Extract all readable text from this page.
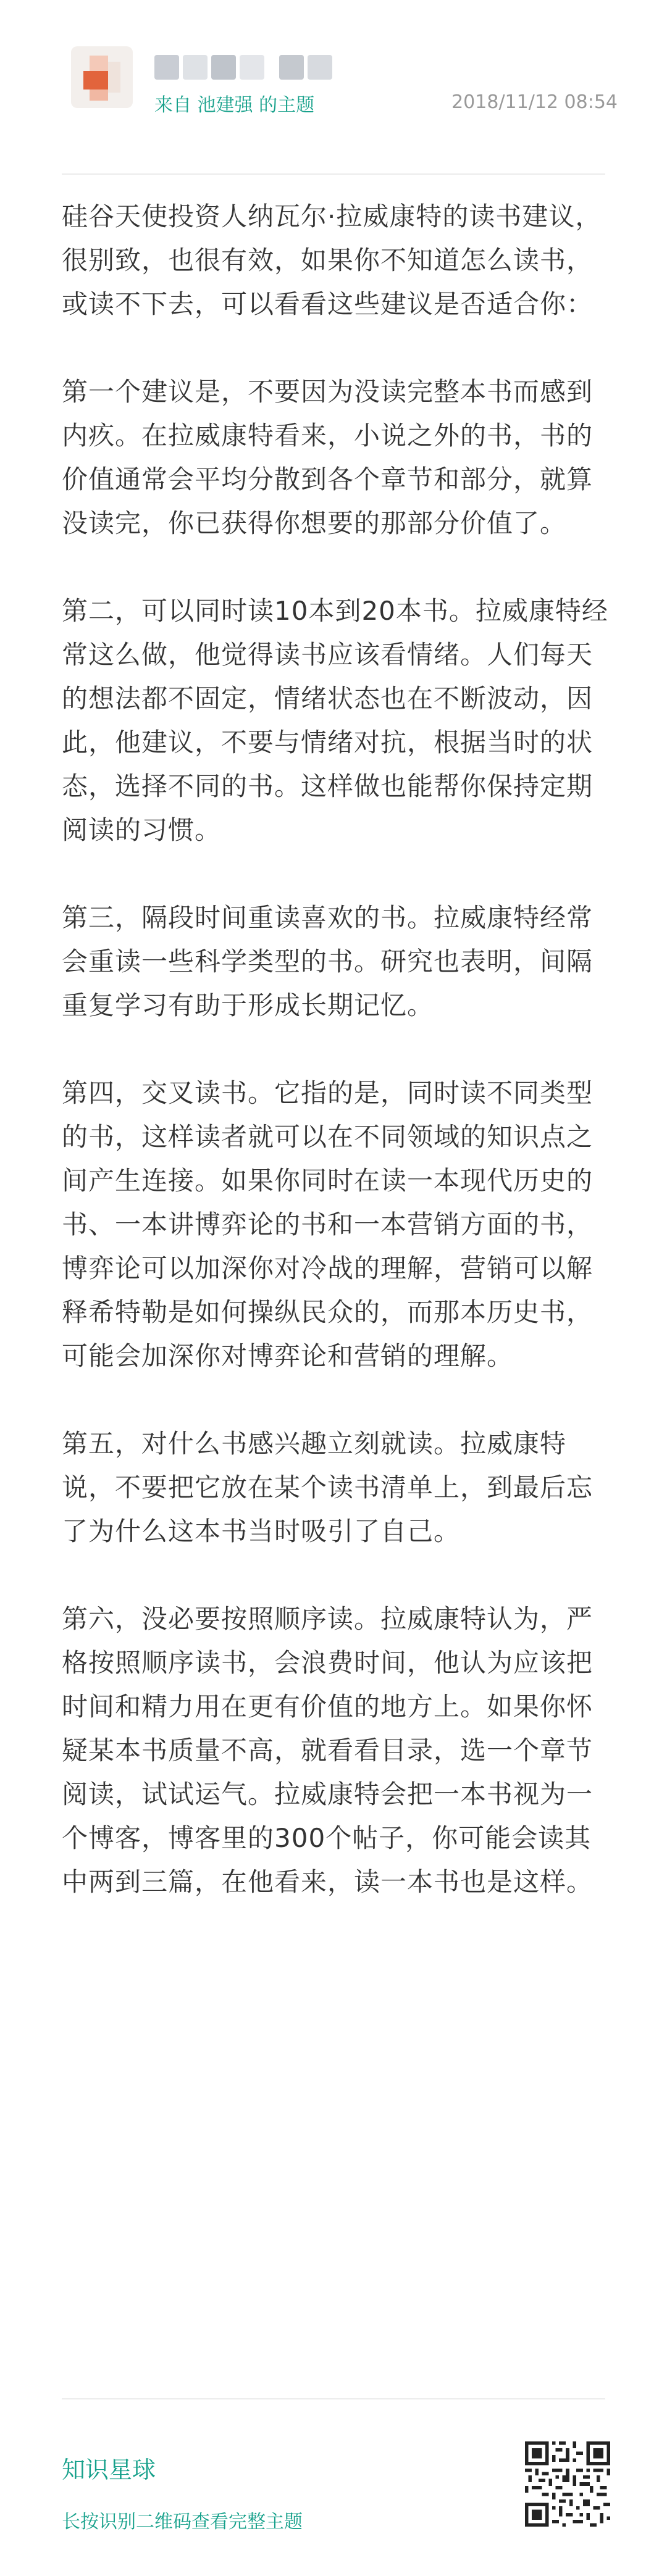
来自 池建强 的主题	2018/11/12 08:54

硅谷天使投资人纳瓦尔·拉威康特的读书建议，很别致，也很有效，如果你不知道怎么读书，或读不下去，可以看看这些建议是否适合你：

第一个建议是，不要因为没读完整本书而感到内疚。在拉威康特看来，小说之外的书，书的价值通常会平均分散到各个章节和部分，就算没读完，你已获得你想要的那部分价值了。

第二，可以同时读10本到20本书。拉威康特经常这么做，他觉得读书应该看情绪。人们每天的想法都不固定，情绪状态也在不断波动，因此，他建议，不要与情绪对抗，根据当时的状态，选择不同的书。这样做也能帮你保持定期阅读的习惯。

第三，隔段时间重读喜欢的书。拉威康特经常会重读一些科学类型的书。研究也表明，间隔重复学习有助于形成长期记忆。

第四，交叉读书。它指的是，同时读不同类型的书，这样读者就可以在不同领域的知识点之间产生连接。如果你同时在读一本现代历史的书、一本讲博弈论的书和一本营销方面的书，博弈论可以加深你对冷战的理解，营销可以解释希特勒是如何操纵民众的，而那本历史书，可能会加深你对博弈论和营销的理解。

第五，对什么书感兴趣立刻就读。拉威康特说，不要把它放在某个读书清单上，到最后忘了为什么这本书当时吸引了自己。

第六，没必要按照顺序读。拉威康特认为，严格按照顺序读书，会浪费时间，他认为应该把时间和精力用在更有价值的地方上。如果你怀疑某本书质量不高，就看看目录，选一个章节阅读，试试运气。拉威康特会把一本书视为一个博客，博客里的300个帖子，你可能会读其中两到三篇，在他看来，读一本书也是这样。

知识星球
长按识别二维码查看完整主题
